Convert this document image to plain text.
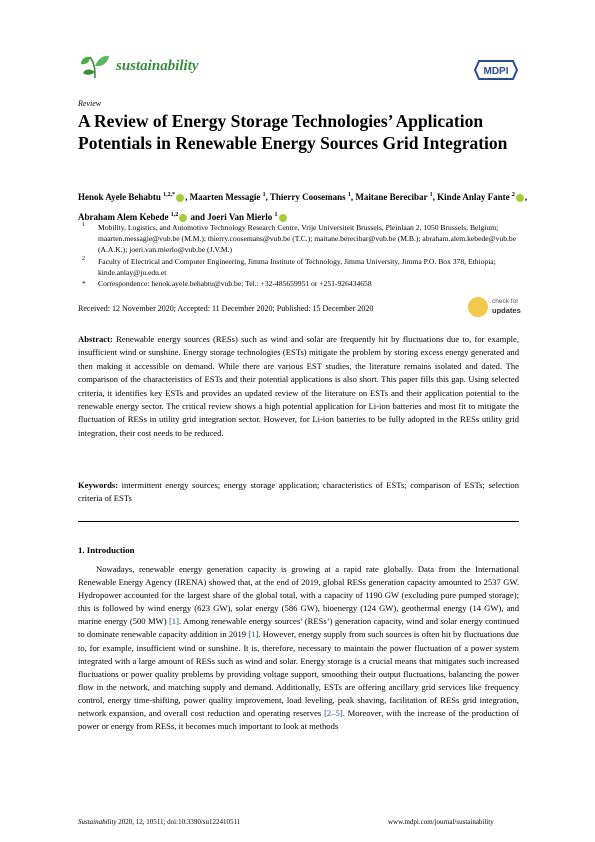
sustainability	MDPI
Review
A Review of Energy Storage Technologies’ Application Potentials in Renewable Energy Sources Grid Integration
Henok Ayele Behabtu $^{1,2,*}$ , Maarten Messagie $^1$, Thierry Coosemans $^1$, Maitane Berecibar $^1$, Kinde Anlay Fante $^2$ , Abraham Alem Kebede $^{1,2}$ and Joeri Van Mierlo $^1$
1 Mobility, Logistics, and Automotive Technology Research Centre, Vrije Universiteit Brussels, Pleinlaan 2, 1050 Brussels, Belgium; maarten.messagie@vub.be (M.M.); thierry.coosemans@vub.be (T.C.); maitane.berecibar@vub.be (M.B.); abraham.alem.kebede@vub.be (A.A.K.); joeri.van.mierlo@vub.be (J.V.M.)
2 Faculty of Electrical and Computer Engineering, Jimma Institute of Technology, Jimma University, Jimma P.O. Box 378, Ethiopia; kinde.anlay@ju.edu.et
* Correspondence: henok.ayele.behabtu@vub.be; Tel.: +32-485659951 or +251-926434658
Received: 12 November 2020; Accepted: 11 December 2020; Published: 15 December 2020
check for
updates
Abstract: Renewable energy sources (RESs) such as wind and solar are frequently hit by fluctuations due to, for example, insufficient wind or sunshine. Energy storage technologies (ESTs) mitigate the problem by storing excess energy generated and then making it accessible on demand. While there are various EST studies, the literature remains isolated and dated. The comparison of the characteristics of ESTs and their potential applications is also short. This paper fills this gap. Using selected criteria, it identifies key ESTs and provides an updated review of the literature on ESTs and their application potential to the renewable energy sector. The critical review shows a high potential application for Li-ion batteries and most fit to mitigate the fluctuation of RESs in utility grid integration sector. However, for Li-ion batteries to be fully adopted in the RESs utility grid integration, their cost needs to be reduced.
Keywords: intermittent energy sources; energy storage application; characteristics of ESTs; comparison of ESTs; selection criteria of ESTs
1. Introduction
Nowadays, renewable energy generation capacity is growing at a rapid rate globally. Data from the International Renewable Energy Agency (IRENA) showed that, at the end of 2019, global RESs generation capacity amounted to 2537 GW. Hydropower accounted for the largest share of the global total, with a capacity of 1190 GW (excluding pure pumped storage); this is followed by wind energy (623 GW), solar energy (586 GW), bioenergy (124 GW), geothermal energy (14 GW), and marine energy (500 MW) [1]. Among renewable energy sources’ (RESs’) generation capacity, wind and solar energy continued to dominate renewable capacity addition in 2019 [1]. However, energy supply from such sources is often hit by fluctuations due to, for example, insufficient wind or sunshine. It is, therefore, necessary to maintain the power fluctuation of a power system integrated with a large amount of RESs such as wind and solar. Energy storage is a crucial means that mitigates such increased fluctuations or power quality problems by providing voltage support, smoothing their output fluctuations, balancing the power flow in the network, and matching supply and demand. Additionally, ESTs are offering ancillary grid services like frequency control, energy time-shifting, power quality improvement, load leveling, peak shaving, facilitation of RESs grid integration, network expansion, and overall cost reduction and operating reserves [2–5]. Moreover, with the increase of the production of power or energy from RESs, it becomes much important to look at methods
Sustainability 2020, 12, 10511; doi:10.3390/su122410511	www.mdpi.com/journal/sustainability
